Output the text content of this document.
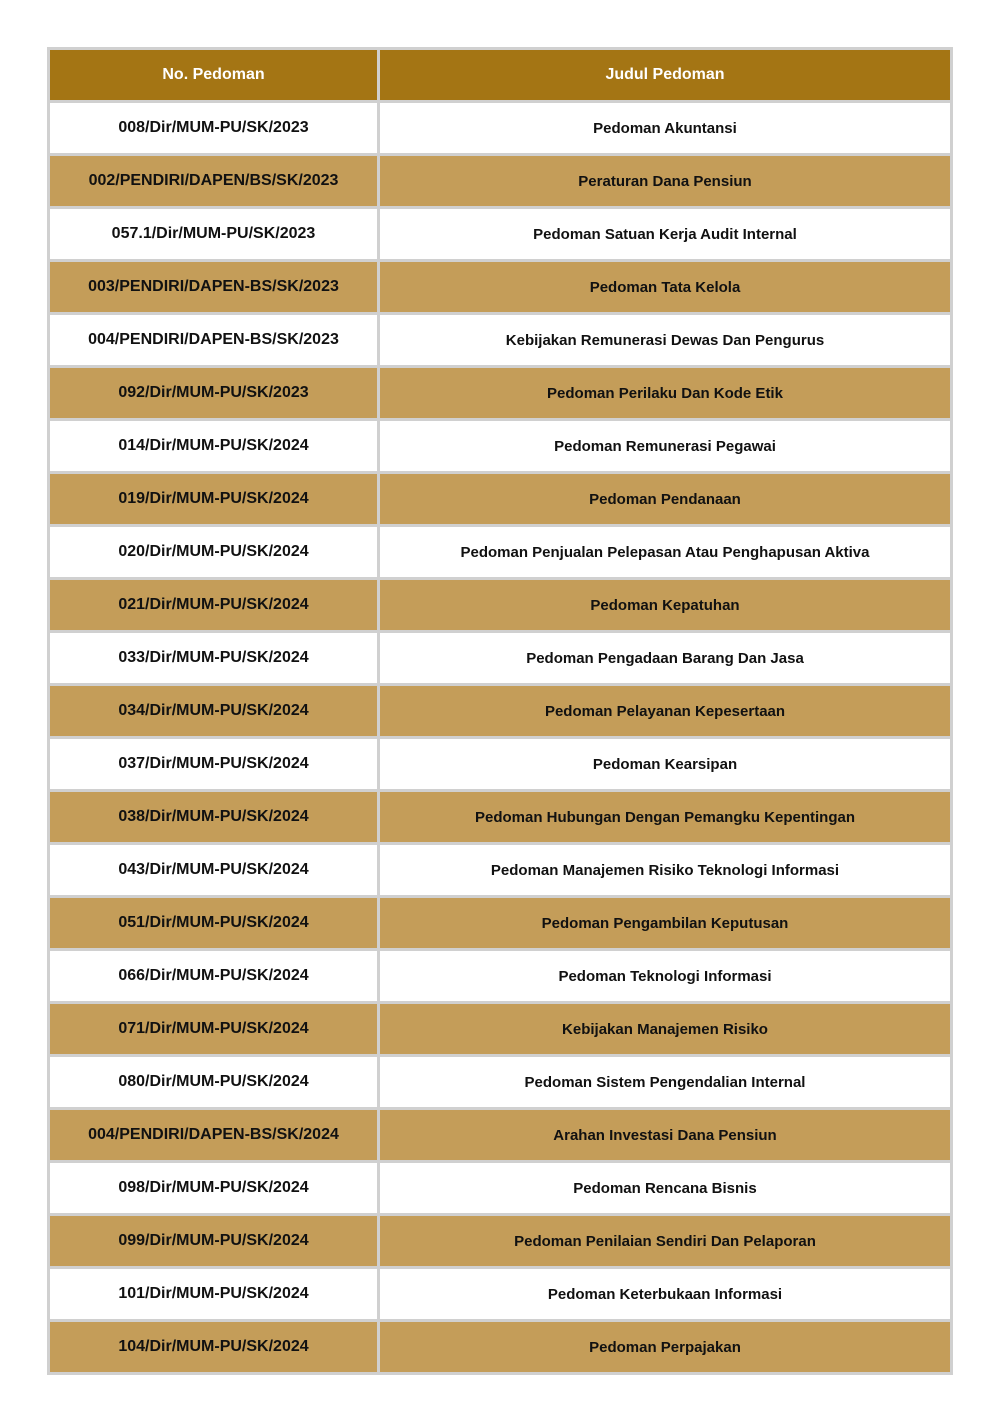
No. Pedoman	Judul Pedoman
008/Dir/MUM-PU/SK/2023	Pedoman Akuntansi
002/PENDIRI/DAPEN/BS/SK/2023	Peraturan Dana Pensiun
057.1/Dir/MUM-PU/SK/2023	Pedoman Satuan Kerja Audit Internal
003/PENDIRI/DAPEN-BS/SK/2023	Pedoman Tata Kelola
004/PENDIRI/DAPEN-BS/SK/2023	Kebijakan Remunerasi Dewas Dan Pengurus
092/Dir/MUM-PU/SK/2023	Pedoman Perilaku Dan Kode Etik
014/Dir/MUM-PU/SK/2024	Pedoman Remunerasi Pegawai
019/Dir/MUM-PU/SK/2024	Pedoman Pendanaan
020/Dir/MUM-PU/SK/2024	Pedoman Penjualan Pelepasan Atau Penghapusan Aktiva
021/Dir/MUM-PU/SK/2024	Pedoman Kepatuhan
033/Dir/MUM-PU/SK/2024	Pedoman Pengadaan Barang Dan Jasa
034/Dir/MUM-PU/SK/2024	Pedoman Pelayanan Kepesertaan
037/Dir/MUM-PU/SK/2024	Pedoman Kearsipan
038/Dir/MUM-PU/SK/2024	Pedoman Hubungan Dengan Pemangku Kepentingan
043/Dir/MUM-PU/SK/2024	Pedoman Manajemen Risiko Teknologi Informasi
051/Dir/MUM-PU/SK/2024	Pedoman Pengambilan Keputusan
066/Dir/MUM-PU/SK/2024	Pedoman Teknologi Informasi
071/Dir/MUM-PU/SK/2024	Kebijakan Manajemen Risiko
080/Dir/MUM-PU/SK/2024	Pedoman Sistem Pengendalian Internal
004/PENDIRI/DAPEN-BS/SK/2024	Arahan Investasi Dana Pensiun
098/Dir/MUM-PU/SK/2024	Pedoman Rencana Bisnis
099/Dir/MUM-PU/SK/2024	Pedoman Penilaian Sendiri Dan Pelaporan
101/Dir/MUM-PU/SK/2024	Pedoman Keterbukaan Informasi
104/Dir/MUM-PU/SK/2024	Pedoman Perpajakan
